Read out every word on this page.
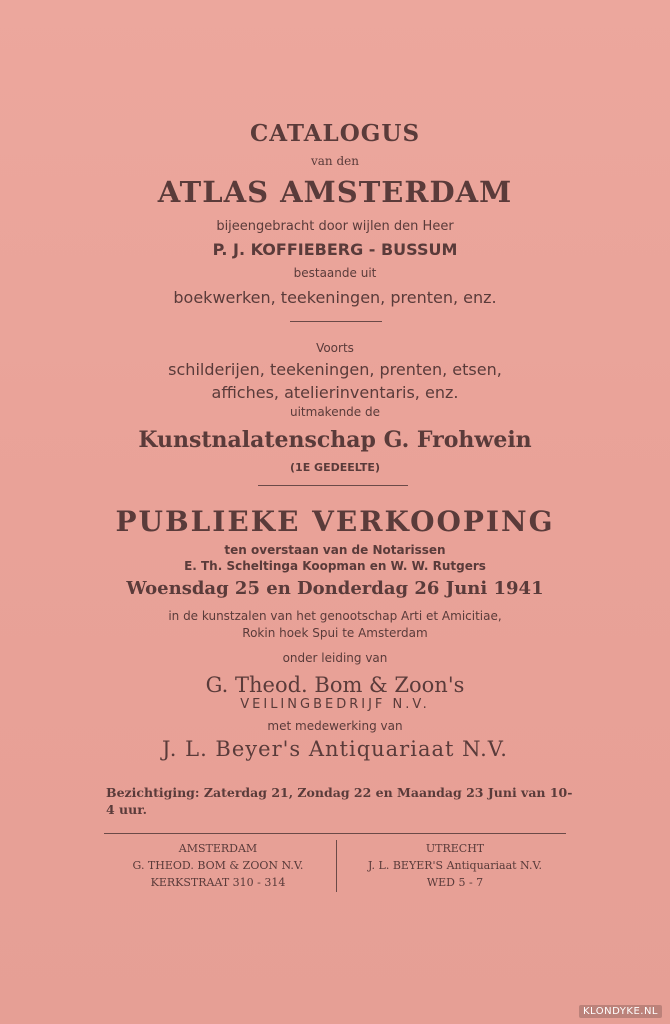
CATALOGUS
van den
ATLAS AMSTERDAM
bijeengebracht door wijlen den Heer
P. J. KOFFIEBERG - BUSSUM
bestaande uit
boekwerken, teekeningen, prenten, enz.
Voorts
schilderijen, teekeningen, prenten, etsen,
affiches, atelierinventaris, enz.
uitmakende de
Kunstnalatenschap G. Frohwein
(1E GEDEELTE)
PUBLIEKE VERKOOPING
ten overstaan van de Notarissen
E. Th. Scheltinga Koopman en W. W. Rutgers
Woensdag 25 en Donderdag 26 Juni 1941
in de kunstzalen van het genootschap Arti et Amicitiae,
Rokin hoek Spui te Amsterdam
onder leiding van
G. Theod. Bom & Zoon's
VEILINGBEDRIJF N.V.
met medewerking van
J. L. Beyer's Antiquariaat N.V.
Bezichtiging: Zaterdag 21, Zondag 22 en Maandag 23 Juni van 10-4 uur.
AMSTERDAM
G. THEOD. BOM & ZOON N.V.
KERKSTRAAT 310 - 314
UTRECHT
J. L. BEYER'S Antiquariaat N.V.
WED 5 - 7
KLONDYKE.NL
